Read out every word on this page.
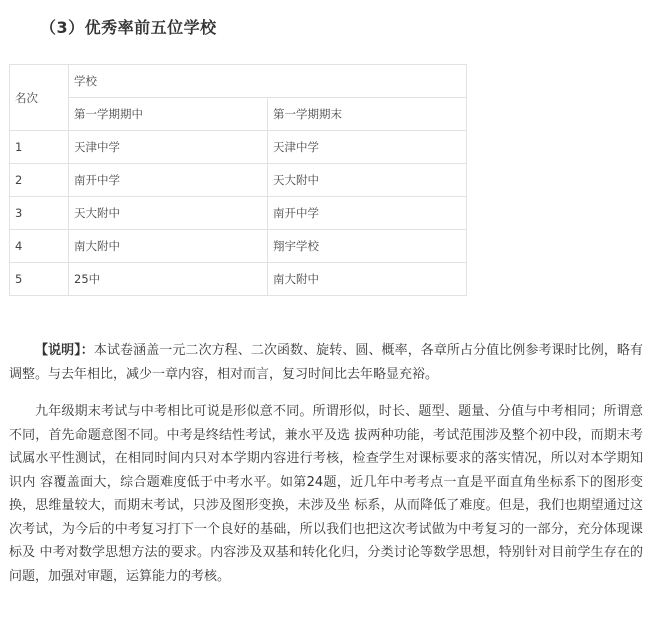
（3）优秀率前五位学校
名次	学校	
	第一学期期中	第一学期期末
1	天津中学	天津中学
2	南开中学	天大附中
3	天大附中	南开中学
4	南大附中	翔宇学校
5	25中	南大附中

【说明】：本试卷涵盖一元二次方程、二次函数、旋转、圆、概率，各章所占分值比例参考课时比例，略有调整。与去年相比，减少一章内容，相对而言，复习时间比去年略显充裕。

九年级期末考试与中考相比可说是形似意不同。所谓形似，时长、题型、题量、分值与中考相同；所谓意不同，首先命题意图不同。中考是终结性考试，兼水平及选 拔两种功能，考试范围涉及整个初中段，而期末考试属水平性测试，在相同时间内只对本学期内容进行考核，检查学生对课标要求的落实情况，所以对本学期知识内 容覆盖面大，综合题难度低于中考水平。如第24题，近几年中考考点一直是平面直角坐标系下的图形变换，思维量较大，而期末考试，只涉及图形变换，未涉及坐 标系，从而降低了难度。但是，我们也期望通过这次考试，为今后的中考复习打下一个良好的基础，所以我们也把这次考试做为中考复习的一部分，充分体现课标及 中考对数学思想方法的要求。内容涉及双基和转化化归，分类讨论等数学思想，特别针对目前学生存在的问题，加强对审题，运算能力的考核。
